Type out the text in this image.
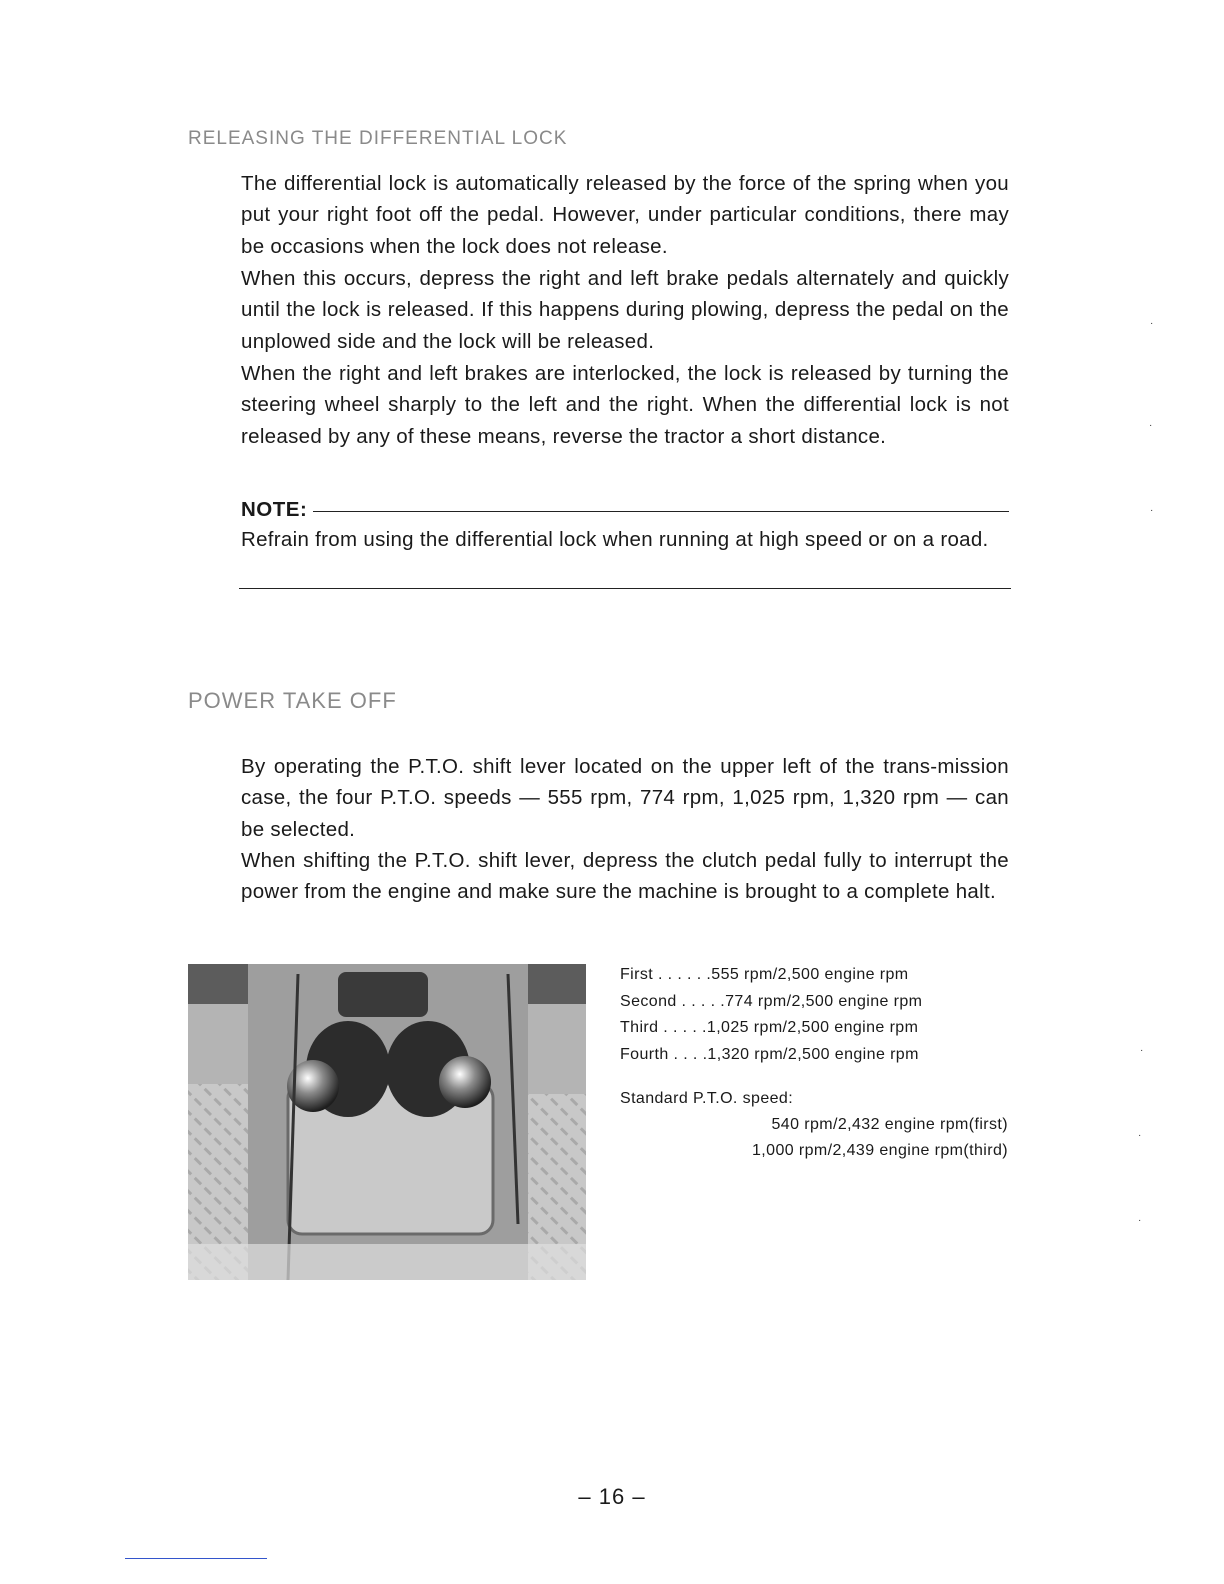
RELEASING THE DIFFERENTIAL LOCK

The differential lock is automatically released by the force of the spring when you put your right foot off the pedal. However, under particular conditions, there may be occasions when the lock does not release.

When this occurs, depress the right and left brake pedals alternately and quickly until the lock is released. If this happens during plowing, depress the pedal on the unplowed side and the lock will be released.

When the right and left brakes are interlocked, the lock is released by turning the steering wheel sharply to the left and the right. When the differential lock is not released by any of these means, reverse the tractor a short distance.

NOTE:

Refrain from using the differential lock when running at high speed or on a road.

POWER TAKE OFF

By operating the P.T.O. shift lever located on the upper left of the trans-mission case, the four P.T.O. speeds — 555 rpm, 774 rpm, 1,025 rpm, 1,320 rpm — can be selected.

When shifting the P.T.O. shift lever, depress the clutch pedal fully to interrupt the power from the engine and make sure the machine is brought to a complete halt.

First . . . . . .555 rpm/2,500 engine rpm
Second . . . . .774 rpm/2,500 engine rpm
Third . . . . .1,025 rpm/2,500 engine rpm
Fourth . . . .1,320 rpm/2,500 engine rpm
Standard P.T.O. speed:
540 rpm/2,432 engine rpm(first)
1,000 rpm/2,439 engine rpm(third)
·
·
·
·
·
·
– 16 –
